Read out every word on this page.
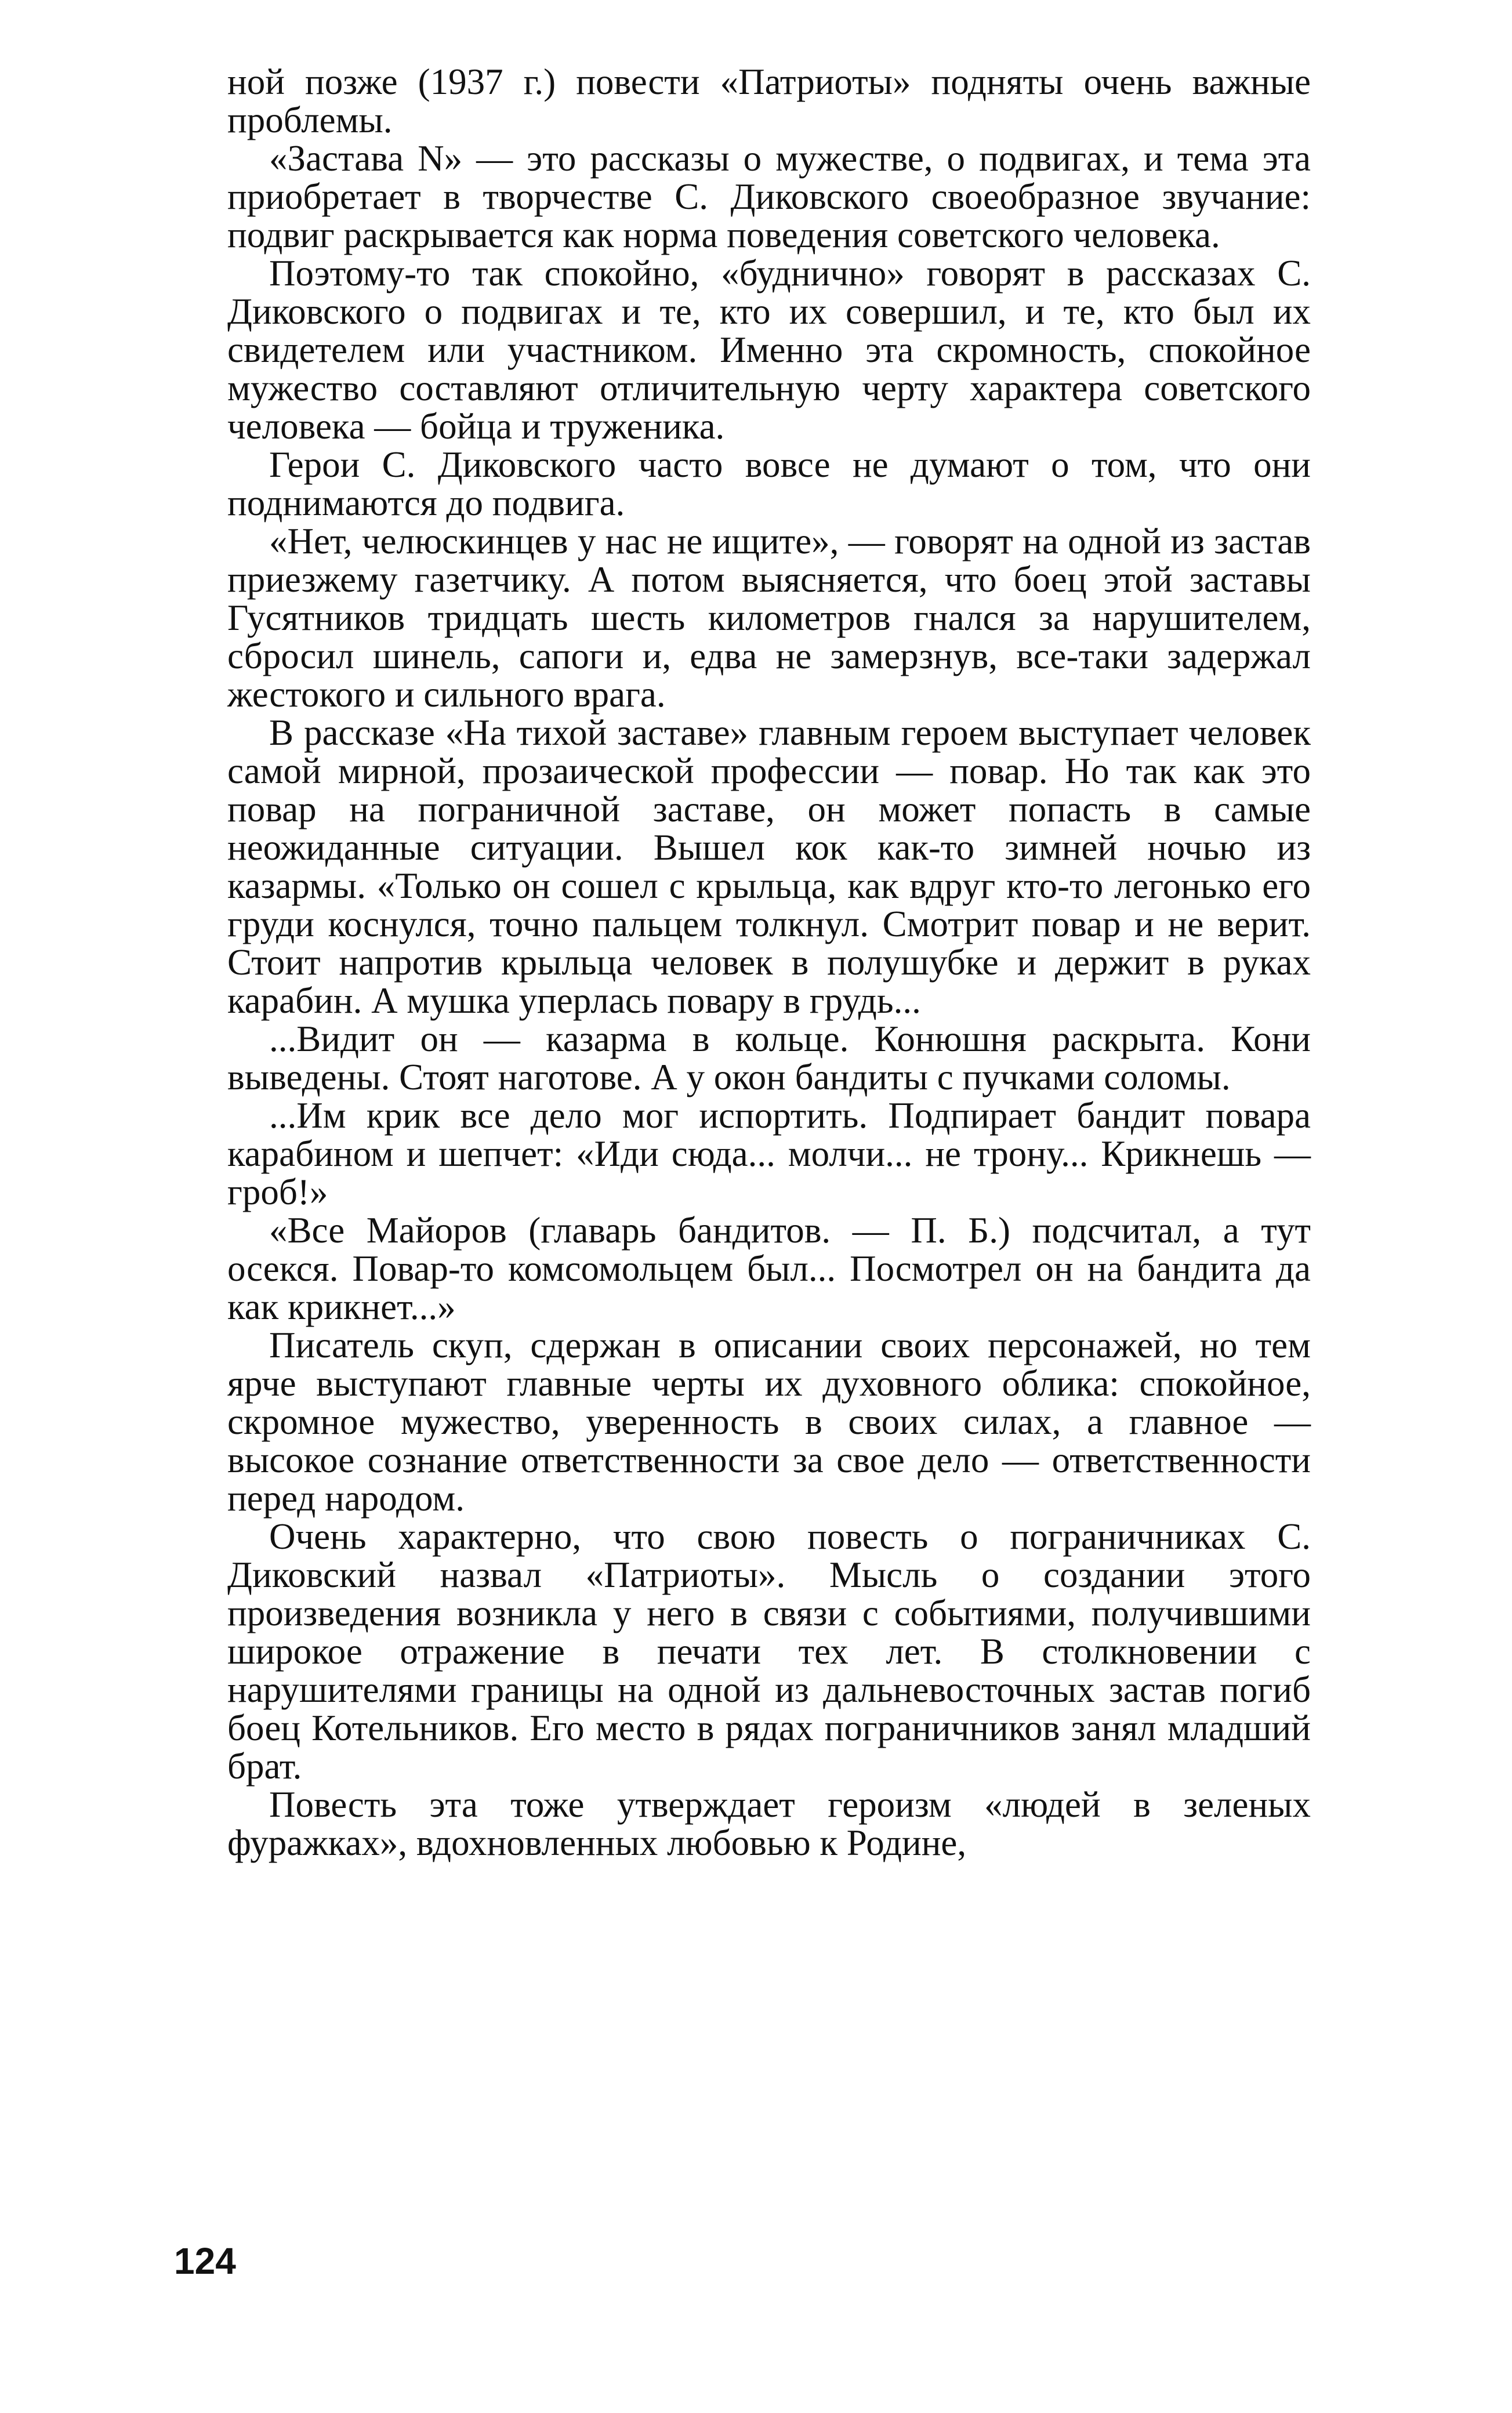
ной позже (1937 г.) повести «Патриоты» подняты очень важные проблемы.

«Застава N» — это рассказы о мужестве, о подвигах, и тема эта приобретает в творчестве С. Диковского своеобразное звучание: подвиг раскрывается как норма поведения советского человека.

Поэтому-то так спокойно, «буднично» говорят в рассказах С. Диковского о подвигах и те, кто их совершил, и те, кто был их свидетелем или участником. Именно эта скромность, спокойное мужество составляют отличительную черту характера советского человека — бойца и труженика.

Герои С. Диковского часто вовсе не думают о том, что они поднимаются до подвига.

«Нет, челюскинцев у нас не ищите», — говорят на одной из застав приезжему газетчику. А потом выясняется, что боец этой заставы Гусятников тридцать шесть километров гнался за нарушителем, сбросил шинель, сапоги и, едва не замерзнув, все-таки задержал жестокого и сильного врага.

В рассказе «На тихой заставе» главным героем выступает человек самой мирной, прозаической профессии — повар. Но так как это повар на пограничной заставе, он может попасть в самые неожиданные ситуации. Вышел кок как-то зимней ночью из казармы. «Только он сошел с крыльца, как вдруг кто-то легонько его груди коснулся, точно пальцем толкнул. Смотрит повар и не верит. Стоит напротив крыльца человек в полушубке и держит в руках карабин. А мушка уперлась повару в грудь...

...Видит он — казарма в кольце. Конюшня раскрыта. Кони выведены. Стоят наготове. А у окон бандиты с пучками соломы.

...Им крик все дело мог испортить. Подпирает бандит повара карабином и шепчет: «Иди сюда... молчи... не трону... Крикнешь — гроб!»

«Все Майоров (главарь бандитов. — П. Б.) подсчитал, а тут осекся. Повар-то комсомольцем был... Посмотрел он на бандита да как крикнет...»

Писатель скуп, сдержан в описании своих персонажей, но тем ярче выступают главные черты их духовного облика: спокойное, скромное мужество, уверенность в своих силах, а главное — высокое сознание ответственности за свое дело — ответственности перед народом.

Очень характерно, что свою повесть о пограничниках С. Диковский назвал «Патриоты». Мысль о создании этого произведения возникла у него в связи с событиями, получившими широкое отражение в печати тех лет. В столкновении с нарушителями границы на одной из дальневосточных застав погиб боец Котельников. Его место в рядах пограничников занял младший брат.

Повесть эта тоже утверждает героизм «людей в зеленых фуражках», вдохновленных любовью к Родине,

124
